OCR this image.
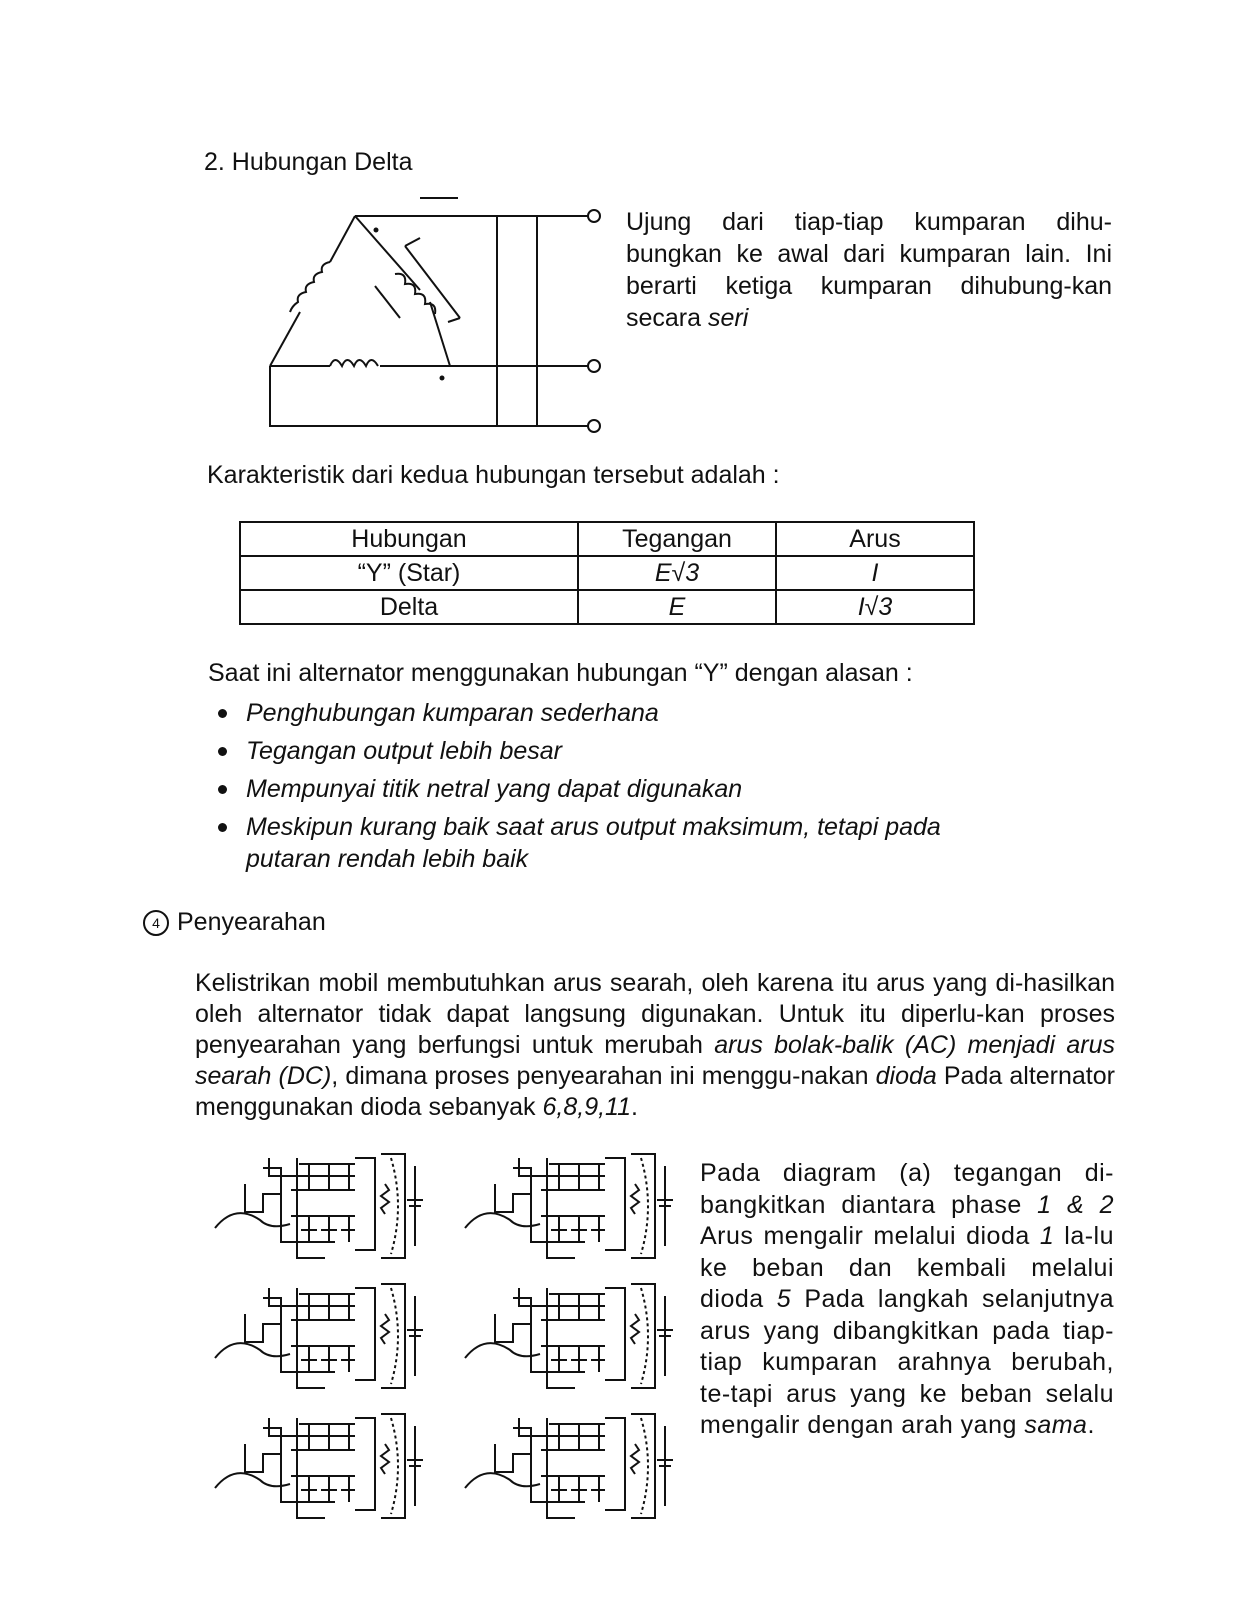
2. Hubungan Delta
Ujung dari tiap-tiap kumparan dihu-bungkan ke awal dari kumparan lain. Ini berarti ketiga kumparan dihubung-kan secara seri
Karakteristik dari kedua hubungan tersebut adalah :
Hubungan	Tegangan	Arus
“Y” (Star)	E√3	I
Delta	E	I√3
Saat ini alternator menggunakan hubungan “Y” dengan alasan :
Penghubungan kumparan sederhana
Tegangan output lebih besar
Mempunyai titik netral yang dapat digunakan
Meskipun kurang baik saat arus output maksimum, tetapi pada putaran rendah lebih baik
4 Penyearahan
Kelistrikan mobil membutuhkan arus searah, oleh karena itu arus yang di-hasilkan oleh alternator tidak dapat langsung digunakan. Untuk itu diperlu-kan proses penyearahan yang berfungsi untuk merubah arus bolak-balik (AC) menjadi arus searah (DC), dimana proses penyearahan ini menggu-nakan dioda Pada alternator menggunakan dioda sebanyak 6,8,9,11.
Pada diagram (a) tegangan di-bangkitkan diantara phase 1 & 2 Arus mengalir melalui dioda 1 la-lu ke beban dan kembali melalui dioda 5 Pada langkah selanjutnya arus yang dibangkitkan pada tiap-tiap kumparan arahnya berubah, te-tapi arus yang ke beban selalu mengalir dengan arah yang sama.
